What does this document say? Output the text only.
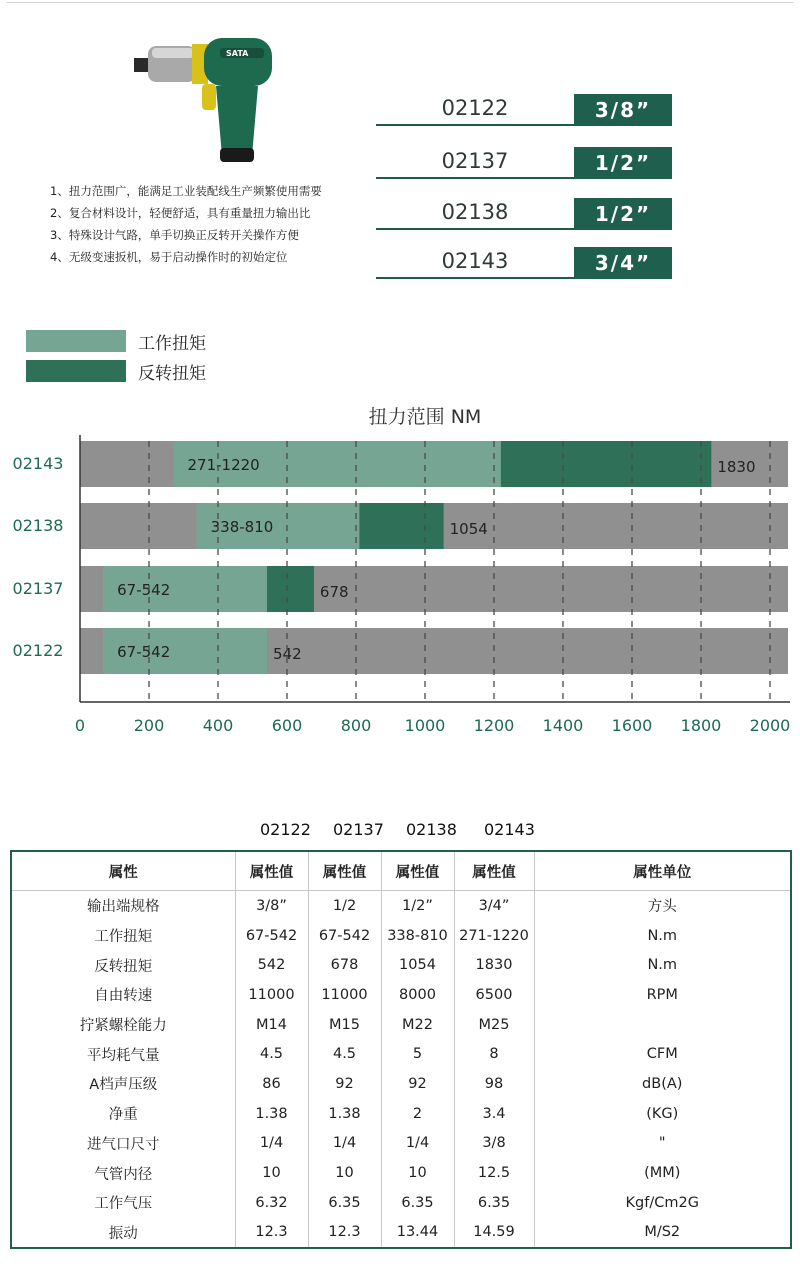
SATA
1、扭力范围广，能满足工业装配线生产频繁使用需要
2、复合材料设计，轻便舒适，具有重量扭力输出比
3、特殊设计气路，单手切换正反转开关操作方便
4、无级变速扳机，易于启动操作时的初始定位
02122	3/8”
02137	1/2”
02138	1/2”
02143	3/4”
工作扭矩
反转扭矩
扭力范围 NM
02143	271-1220	1830
02138	338-810	1054
02137	67-542	678
02122	67-542	542
0	200 400 600 800 1000 1200 1400 1600 1800 2000
02122 02137 02138 02143
属性	属性值	属性值	属性值	属性值	属性单位
输出端规格	3/8”	1/2	1/2”	3/4”	方头
工作扭矩	67-542	67-542	338-810	271-1220	N.m
反转扭矩	542	678	1054	1830	N.m
自由转速	11000	11000	8000	6500	RPM
拧紧螺栓能力	M14	M15	M22	M25	
平均耗气量	4.5	4.5	5	8	CFM
A档声压级	86	92	92	98	dB(A)
净重	1.38	1.38	2	3.4	(KG)
进气口尺寸	1/4	1/4	1/4	3/8	"
气管内径	10	10	10	12.5	(MM)
工作气压	6.32	6.35	6.35	6.35	Kgf/Cm2G
振动	12.3	12.3	13.44	14.59	M/S2
